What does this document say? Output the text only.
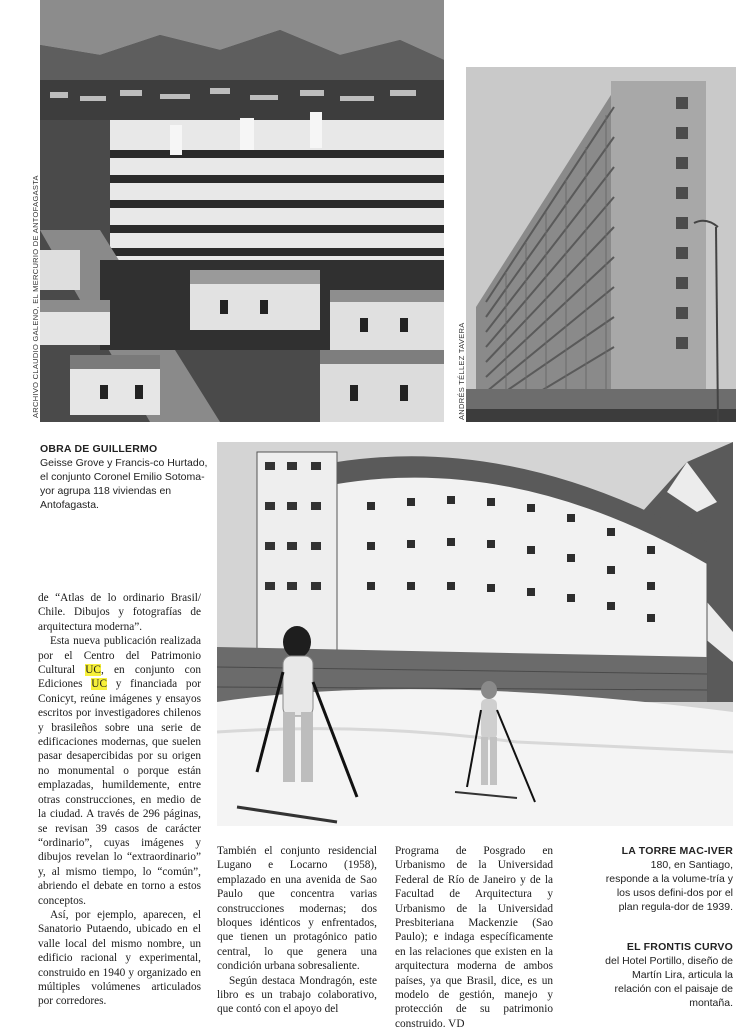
ARCHIVO CLAUDIO GALENO, EL MERCURIO DE ANTOFAGASTA	ANDRÉS TÉLLEZ TAVERA
OBRA DE GUILLERMO
Geisse Grove y Francis-co Hurtado, el conjunto Coronel Emilio Sotoma-yor agrupa 118 viviendas en Antofagasta.

de “Atlas de lo ordinario Brasil/ Chile. Dibujos y fotografías de arquitectura moderna”.

Esta nueva publicación realizada por el Centro del Patrimonio Cultural UC, en conjunto con Ediciones UC y financiada por Conicyt, reúne imágenes y ensayos escritos por investigadores chilenos y brasileños sobre una serie de edificaciones modernas, que suelen pasar desapercibidas por su origen no monumental o porque están emplazadas, humildemente, entre otras construcciones, en medio de la ciudad. A través de 296 páginas, se revisan 39 casos de carácter “ordinario”, cuyas imágenes y dibujos revelan lo “extraordinario” y, al mismo tiempo, lo “común”, abriendo el debate en torno a estos conceptos.

Así, por ejemplo, aparecen, el Sanatorio Putaendo, ubicado en el valle local del mismo nombre, un edificio racional y experimental, construido en 1940 y organizado en múltiples volúmenes articulados por corredores.

También el conjunto residencial Lugano e Locarno (1958), emplazado en una avenida de Sao Paulo que concentra varias construcciones modernas; dos bloques idénticos y enfrentados, que tienen un protagónico patio central, lo que genera una condición urbana sobresaliente.

Según destaca Mondragón, este libro es un trabajo colaborativo, que contó con el apoyo del

Programa de Posgrado en Urbanismo de la Universidad Federal de Río de Janeiro y de la Facultad de Arquitectura y Urbanismo de la Universidad Presbiteriana Mackenzie (Sao Paulo); e indaga específicamente en las relaciones que existen en la arquitectura moderna de ambos países, ya que Brasil, dice, es un modelo de gestión, manejo y protección de su patrimonio construido. VD

LA TORRE MAC-IVER
180, en Santiago, responde a la volume-tría y los usos defini-dos por el plan regula-dor de 1939.
EL FRONTIS CURVO
del Hotel Portillo, diseño de Martín Lira, articula la relación con el paisaje de montaña.
